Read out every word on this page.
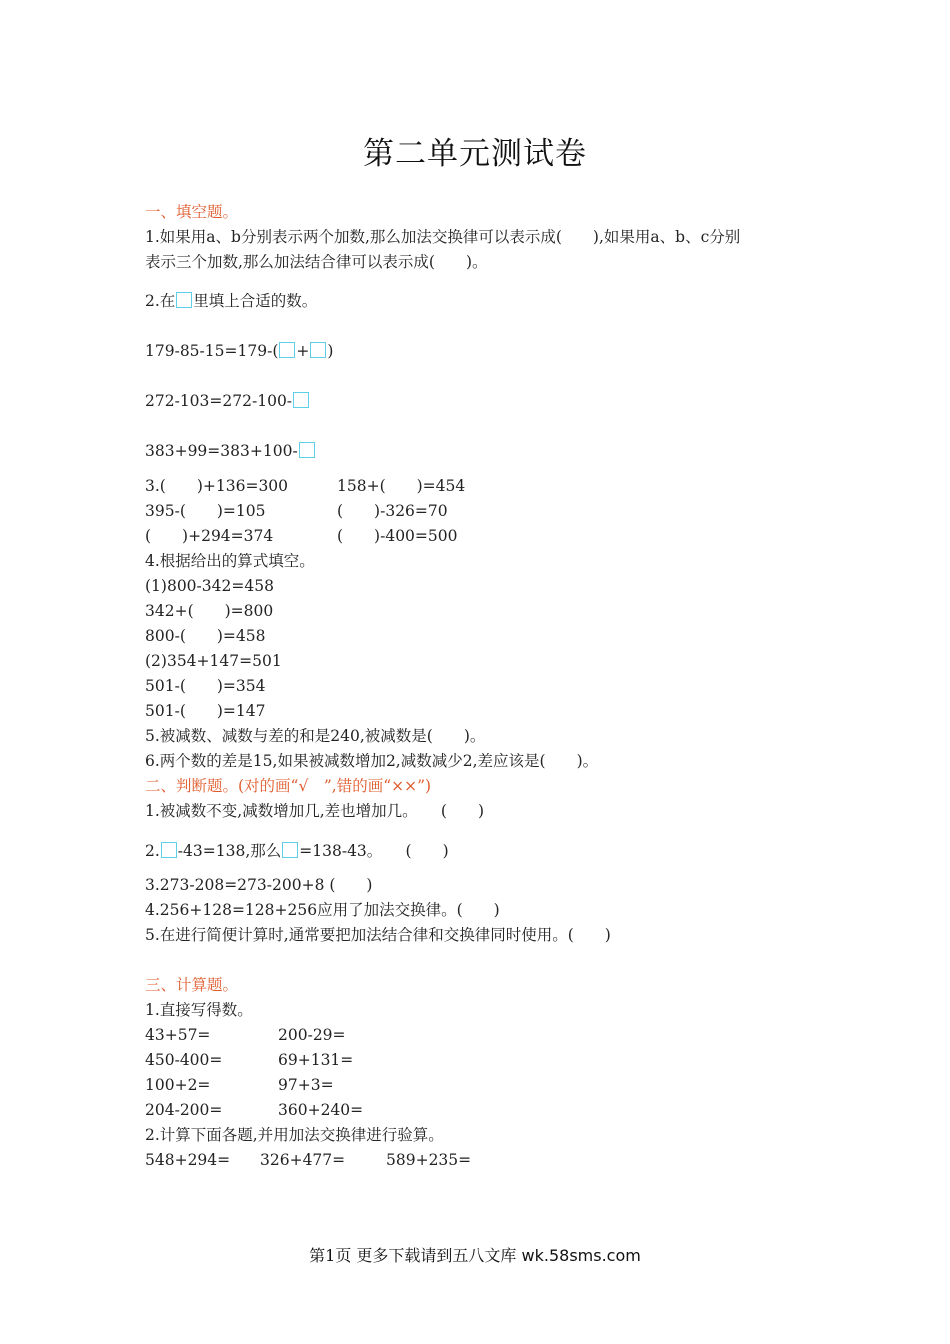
第二单元测试卷
一、填空题。
1.如果用a、b分别表示两个加数,那么加法交换律可以表示成(　　),如果用a、b、c分别
表示三个加数,那么加法结合律可以表示成(　　)。
2.在 里填上合适的数。
179-85-15=179-( + )
272-103=272-100-
383+99=383+100-
3.(　　)+136=300	158+(　　)=454
395-(　　)=105	(　　)-326=70
(　　)+294=374	(　　)-400=500
4.根据给出的算式填空。
(1)800-342=458
342+(　　)=800
800-(　　)=458
(2)354+147=501
501-(　　)=354
501-(　　)=147
5.被减数、减数与差的和是240,被减数是(　　)。
6.两个数的差是15,如果被减数增加2,减数减少2,差应该是(　　)。
二、判断题。(对的画“√　”,错的画“××”)
1.被减数不变,减数增加几,差也增加几。　　(　　)
2. -43=138,那么 =138-43。　　(　　)
3.273-208=273-200+8 (　　)
4.256+128=128+256应用了加法交换律。(　　)
5.在进行简便计算时,通常要把加法结合律和交换律同时使用。(　　)
三、计算题。
1.直接写得数。
43+57=	200-29=
450-400=	69+131=
100+2=	97+3=
204-200=	360+240=
2.计算下面各题,并用加法交换律进行验算。
548+294= 326+477=	589+235=
第1页 更多下载请到五八文库 wk.58sms.com
